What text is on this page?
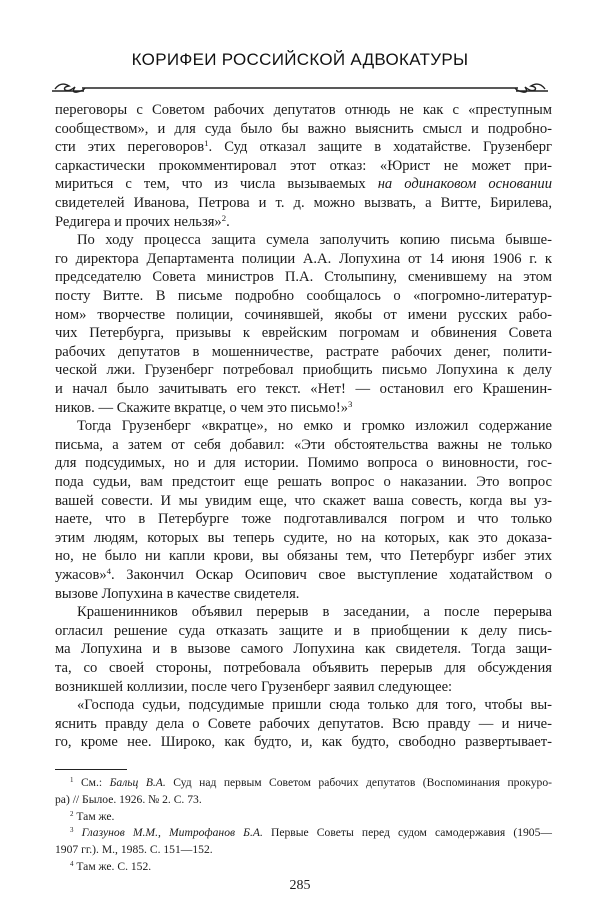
КОРИФЕИ РОССИЙСКОЙ АДВОКАТУРЫ
переговоры с Советом рабочих депутатов отнюдь не как с «преступным
сообществом», и для суда было бы важно выяснить смысл и подробно-
сти этих переговоров$^1$. Суд отказал защите в ходатайстве. Грузенберг
саркастически прокомментировал этот отказ: «Юрист не может при-
мириться с тем, что из числа вызываемых на одинаковом основании
свидетелей Иванова, Петрова и т. д. можно вызвать, а Витте, Бирилева,
Редигера и прочих нельзя»$^2$.
По ходу процесса защита сумела заполучить копию письма бывше-
го директора Департамента полиции А.А. Лопухина от 14 июня 1906 г. к
председателю Совета министров П.А. Столыпину, сменившему на этом
посту Витте. В письме подробно сообщалось о «погромно-литератур-
ном» творчестве полиции, сочинявшей, якобы от имени русских рабо-
чих Петербурга, призывы к еврейским погромам и обвинения Совета
рабочих депутатов в мошенничестве, растрате рабочих денег, полити-
ческой лжи. Грузенберг потребовал приобщить письмо Лопухина к делу
и начал было зачитывать его текст. «Нет! — остановил его Крашенин-
ников. — Скажите вкратце, о чем это письмо!»$^3$
Тогда Грузенберг «вкратце», но емко и громко изложил содержание
письма, а затем от себя добавил: «Эти обстоятельства важны не только
для подсудимых, но и для истории. Помимо вопроса о виновности, гос-
пода судьи, вам предстоит еще решать вопрос о наказании. Это вопрос
вашей совести. И мы увидим еще, что скажет ваша совесть, когда вы уз-
наете, что в Петербурге тоже подготавливался погром и что только
этим людям, которых вы теперь судите, но на которых, как это доказа-
но, не было ни капли крови, вы обязаны тем, что Петербург избег этих
ужасов»$^4$. Закончил Оскар Осипович свое выступление ходатайством о
вызове Лопухина в качестве свидетеля.
Крашенинников объявил перерыв в заседании, а после перерыва
огласил решение суда отказать защите и в приобщении к делу пись-
ма Лопухина и в вызове самого Лопухина как свидетеля. Тогда защи-
та, со своей стороны, потребовала объявить перерыв для обсуждения
возникшей коллизии, после чего Грузенберг заявил следующее:
«Господа судьи, подсудимые пришли сюда только для того, чтобы вы-
яснить правду дела о Совете рабочих депутатов. Всю правду — и ниче-
го, кроме нее. Широко, как будто, и, как будто, свободно развертывает-
$^1$ См.: Бальц В.А. Суд над первым Советом рабочих депутатов (Воспоминания прокуро-
ра) // Былое. 1926. № 2. С. 73.
$^2$ Там же.
$^3$ Глазунов М.М., Митрофанов Б.А. Первые Советы перед судом самодержавия (1905—
1907 гг.). М., 1985. С. 151—152.
$^4$ Там же. С. 152.
285
